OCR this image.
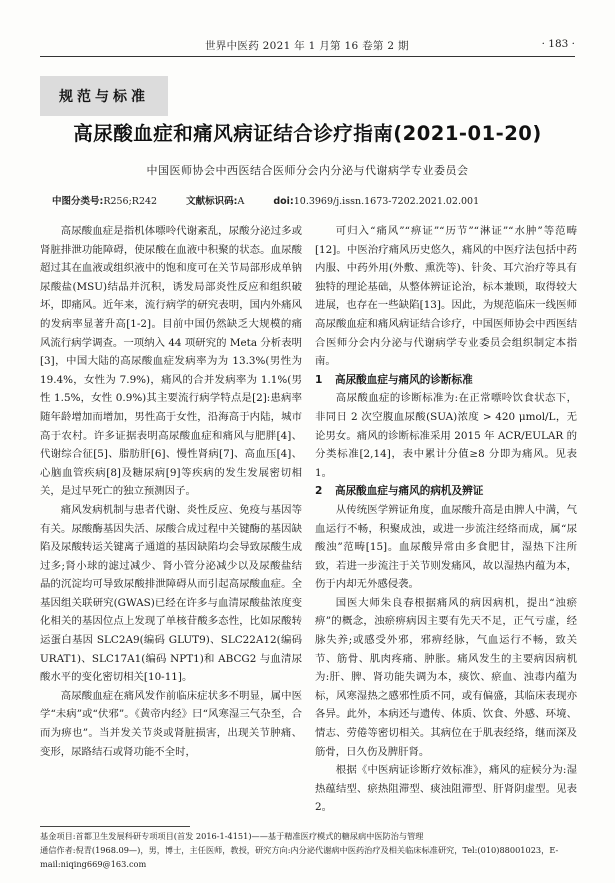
世界中医药 2021 年 1 月第 16 卷第 2 期	· 183 ·
规范与标准
高尿酸血症和痛风病证结合诊疗指南(2021-01-20)
中国医师协会中西医结合医师分会内分泌与代谢病学专业委员会
中图分类号:R256;R242	文献标识码:A	doi:10.3969/j.issn.1673-7202.2021.02.001

高尿酸血症是指机体嘌呤代谢紊乱，尿酸分泌过多或肾脏排泄功能障碍，使尿酸在血液中积聚的状态。血尿酸超过其在血液或组织液中的饱和度可在关节局部形成单钠尿酸盐(MSU)结晶并沉积，诱发局部炎性反应和组织破坏，即痛风。近年来，流行病学的研究表明，国内外痛风的发病率显著升高[1-2]。目前中国仍然缺乏大规模的痛风流行病学调查。一项纳入 44 项研究的 Meta 分析表明[3]，中国大陆的高尿酸血症发病率为为 13.3%(男性为 19.4%，女性为 7.9%)，痛风的合并发病率为 1.1%(男性 1.5%，女性 0.9%)其主要流行病学特点是[2]:患病率随年龄增加而增加，男性高于女性，沿海高于内陆，城市高于农村。许多证据表明高尿酸血症和痛风与肥胖[4]、代谢综合征[5]、脂肪肝[6]、慢性肾病[7]、高血压[4]、心脑血管疾病[8]及糖尿病[9]等疾病的发生发展密切相关，是过早死亡的独立预测因子。

痛风发病机制与患者代谢、炎性反应、免疫与基因等有关。尿酸酶基因失活、尿酸合成过程中关键酶的基因缺陷及尿酸转运关键离子通道的基因缺陷均会导致尿酸生成过多;肾小球的滤过减少、肾小管分泌减少以及尿酸盐结晶的沉淀均可导致尿酸排泄障碍从而引起高尿酸血症。全基因组关联研究(GWAS)已经在许多与血清尿酸盐浓度变化相关的基因位点上发现了单核苷酸多态性，比如尿酸转运蛋白基因 SLC2A9(编码 GLUT9)、SLC22A12(编码 URAT1)、SLC17A1(编码 NPT1)和 ABCG2 与血清尿酸水平的变化密切相关[10-11]。

高尿酸血症在痛风发作前临床症状多不明显，属中医学“未病”或“伏邪”。《黄帝内经》曰“风寒湿三气杂至，合而为痹也”。当并发关节炎或肾脏损害，出现关节肿痛、变形，尿路结石或肾功能不全时，

可归入“痛风”“痹证”“历节”“淋证”“水肿”等范畴[12]。中医治疗痛风历史悠久，痛风的中医疗法包括中药内服、中药外用(外敷、熏洗等)、针灸、耳穴治疗等具有独特的理论基础，从整体辨证论治，标本兼顾，取得较大进展，也存在一些缺陷[13]。因此，为规范临床一线医师高尿酸血症和痛风病证结合诊疗，中国医师协会中西医结合医师分会内分泌与代谢病学专业委员会组织制定本指南。

1 高尿酸血症与痛风的诊断标准

高尿酸血症的诊断标准为:在正常嘌呤饮食状态下，非同日 2 次空腹血尿酸(SUA)浓度 > 420 μmol/L，无论男女。痛风的诊断标准采用 2015 年 ACR/EULAR 的分类标准[2,14]，表中累计分值≥8 分即为痛风。见表 1。

2 高尿酸血症与痛风的病机及辨证

从传统医学辨证角度，血尿酸升高是由脾人中满，气血运行不畅，积聚成浊，或进一步流注经络而成，属“尿酸浊”范畴[15]。血尿酸异常由多食肥甘，湿热下注所致，若进一步流注于关节则发痛风，故以湿热内蕴为本，伤于内却无外感侵袭。

国医大师朱良春根据痛风的病因病机，提出“浊瘀痹”的概念，浊瘀痹病因主要有先天不足，正气亏虚，经脉失养;或感受外邪，邪痹经脉，气血运行不畅，致关节、筋骨、肌肉疼痛、肿胀。痛风发生的主要病因病机为:肝、脾、肾功能失调为本，痰饮、瘀血、浊毒内蕴为标，风寒湿热之感邪性质不同，或有偏盛，其临床表现亦各异。此外，本病还与遗传、体质、饮食、外感、环境、情志、劳倦等密切相关。其病位在于肌表经络，继而深及筋骨，日久伤及脾肝肾。

根据《中医病证诊断疗效标准》，痛风的症候分为:湿热蕴结型、瘀热阻滞型、痰浊阻滞型、肝肾阴虚型。见表 2。

基金项目:首都卫生发展科研专项项目(首发 2016-1-4151)——基于精准医疗模式的糖尿病中医防治与管理
通信作者:倪青(1968.09—)，男，博士，主任医师，教授，研究方向:内分泌代谢病中医药治疗及相关临床标准研究，Tel:(010)88001023，E-
mail:niqing669@163.com
